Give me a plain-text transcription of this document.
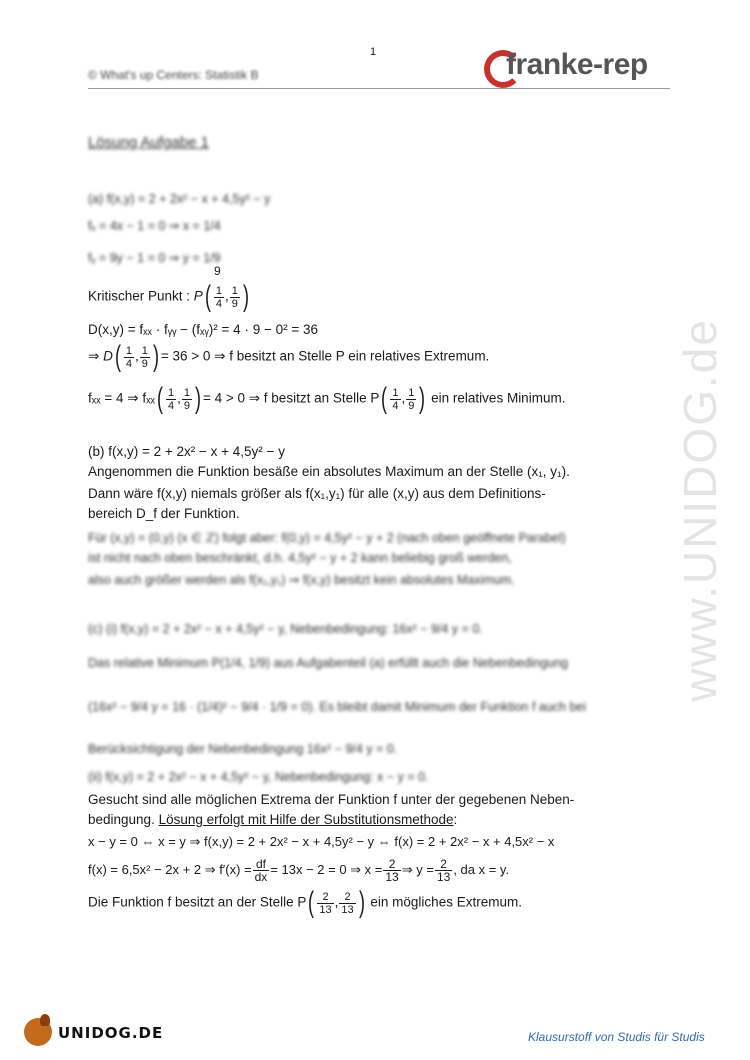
1
© What's up Centers: Statistik B	franke-rep
Lösung Aufgabe 1
www.UNIDOG.de
(a) f(x,y) = 2 + 2x² − x + 4,5y² − y
fₓ = 4x − 1 = 0 ⇒ x = 1/4
fᵧ = 9y − 1 = 0 ⇒ y = 1/9
9
Kritischer Punkt : $P( \frac{1}{4}$ , $\frac{1}{9}$ )
D(x,y) = fₓₓ · fᵧᵧ − (fₓᵧ)² = 4 · 9 − 0² = 36
⇒ $D( \frac{1}{4}$ , $\frac{1}{9}$ ) = 36 > 0 ⇒ f besitzt an Stelle P ein relatives Extremum.
fₓₓ = 4 ⇒ $f_{xx}( \frac{1}{4}$ , $\frac{1}{9}$ ) = 4 > 0 ⇒ f besitzt an Stelle $P( \frac{1}{4}$ , $\frac{1}{9}$ ) ein relatives Minimum.
(b) f(x,y) = 2 + 2x² − x + 4,5y² − y
Angenommen die Funktion besäße ein absolutes Maximum an der Stelle (x₁, y₁).
Dann wäre f(x,y) niemals größer als f(x₁,y₁) für alle (x,y) aus dem Definitions-
bereich D_f der Funktion.
Für (x,y) = (0,y) (x ∈ ℤ) folgt aber: f(0,y) = 4,5y² − y + 2 (nach oben geöffnete Parabel)
ist nicht nach oben beschränkt, d.h. 4,5y² − y + 2 kann beliebig groß werden,
also auch größer werden als f(x₁,y₁) ⇒ f(x,y) besitzt kein absolutes Maximum.
(c) (i) f(x,y) = 2 + 2x² − x + 4,5y² − y, Nebenbedingung: 16x² − 9/4 y = 0.
Das relative Minimum P(1/4, 1/9) aus Aufgabenteil (a) erfüllt auch die Nebenbedingung
(16x² − 9/4 y = 16 · (1/4)² − 9/4 · 1/9 = 0). Es bleibt damit Minimum der Funktion f auch bei
Berücksichtigung der Nebenbedingung 16x² − 9/4 y = 0.
(ii) f(x,y) = 2 + 2x² − x + 4,5y² − y, Nebenbedingung: x − y = 0.
Gesucht sind alle möglichen Extrema der Funktion f unter der gegebenen Neben-
bedingung. Lösung erfolgt mit Hilfe der Substitutionsmethode:
x − y = 0 ⇔ x = y ⇒ f(x,y) = 2 + 2x² − x + 4,5y² − y ⇔ f(x) = 2 + 2x² − x + 4,5x² − x
f(x) = 6,5x² − 2x + 2 ⇒ $f'(x) = \frac{df}{dx} = 13x - 2 = 0$ ⇒ $x = \frac{2}{13}$ ⇒ $y = \frac{2}{13}$ , da x = y.
Die Funktion f besitzt an der Stelle $P( \frac{2}{13}$ , $\frac{2}{13}$ ) ein mögliches Extremum.
UNIDOG.DE	Klausurstoff von Studis für Studis
